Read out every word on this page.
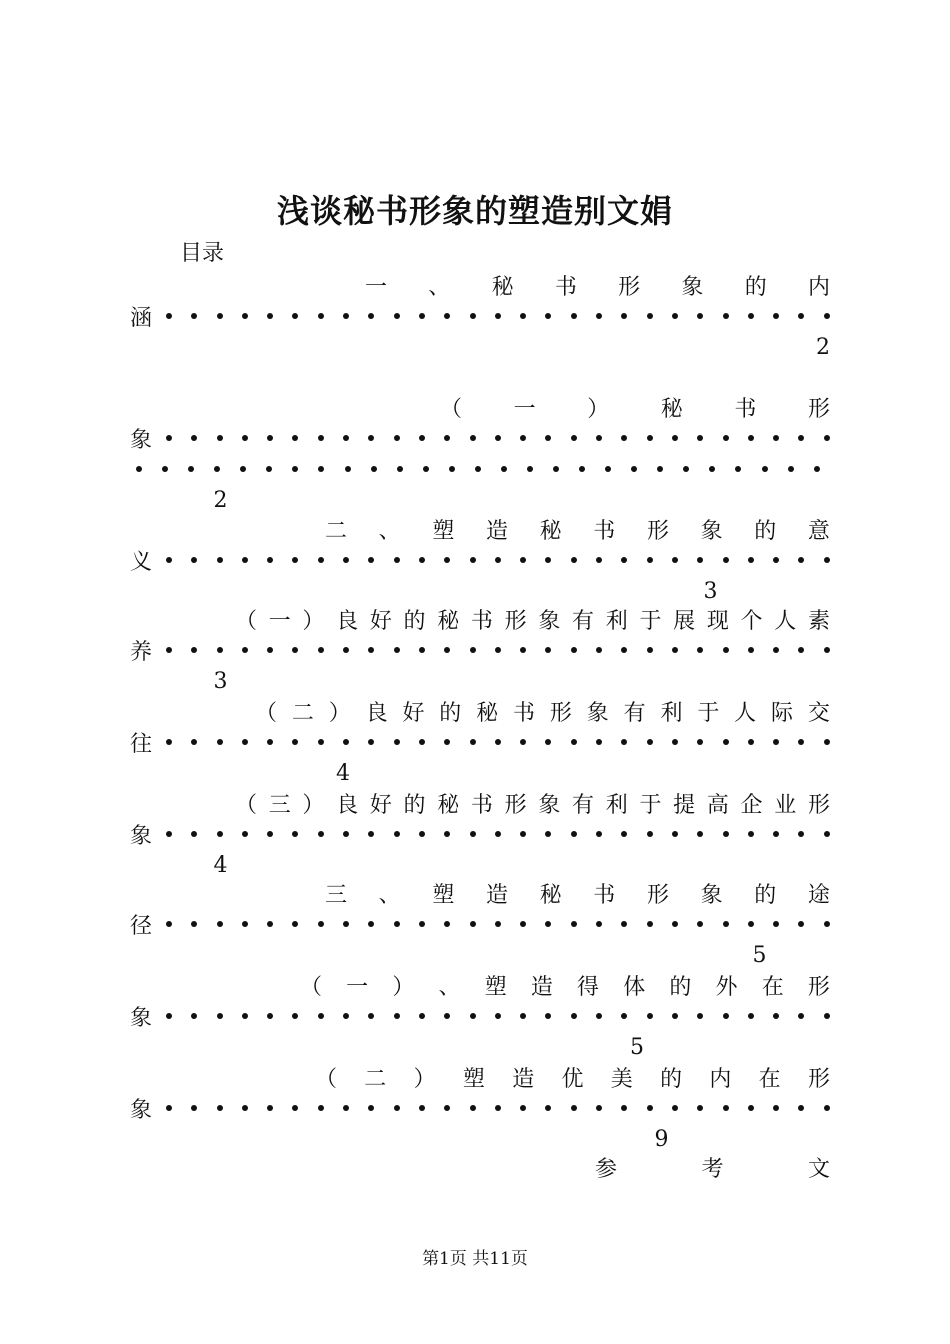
浅谈秘书形象的塑造别文娟
目录
一 、 秘 书 形 象 的 内
涵
2
（ 一 ） 秘 书 形
象
2
二 、 塑 造 秘 书 形 象 的 意
义
3
（ 一 ） 良 好 的 秘 书 形 象 有 利 于 展 现 个 人 素
养
3
（ 二 ） 良 好 的 秘 书 形 象 有 利 于 人 际 交
往
4
（ 三 ） 良 好 的 秘 书 形 象 有 利 于 提 高 企 业 形
象
4
三 、 塑 造 秘 书 形 象 的 途
径
5
（ 一 ） 、 塑 造 得 体 的 外 在 形
象
5
（ 二 ） 塑 造 优 美 的 内 在 形
象
9
参	考	文
第1页 共11页
